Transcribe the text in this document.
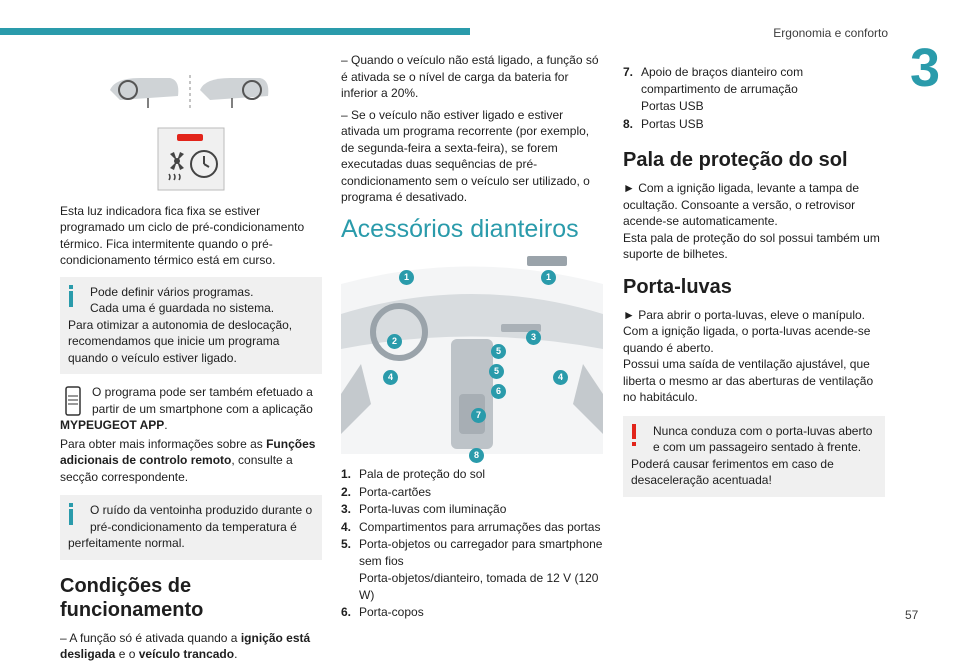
Ergonomia e conforto
3

Esta luz indicadora fica fixa se estiver programado um ciclo de pré-condicionamento térmico. Fica intermitente quando o pré-condicionamento térmico está em curso.

Pode definir vários programas.
Cada uma é guardada no sistema.
Para otimizar a autonomia de deslocação, recomendamos que inicie um programa quando o veículo estiver ligado.
O programa pode ser também efetuado a partir de um smartphone com a aplicação

MYPEUGEOT APP.

Para obter mais informações sobre as Funções adicionais de controlo remoto, consulte a secção correspondente.

O ruído da ventoinha produzido durante o pré-condicionamento da temperatura é
perfeitamente normal.
Condições de funcionamento

– A função só é ativada quando a ignição está desligada e o veículo trancado.

– Quando o veículo não está ligado, a função só é ativada se o nível de carga da bateria for inferior a 20%.

– Se o veículo não estiver ligado e estiver ativada um programa recorrente (por exemplo, de segunda-feira a sexta-feira), se forem executadas duas sequências de pré-condicionamento sem o veículo ser utilizado, o programa é desativado.

Acessórios dianteiros
1	1
2	3
4
5
4
5
6
7
8
1. Pala de proteção do sol
2. Porta-cartões
3. Porta-luvas com iluminação
4. Compartimentos para arrumações das portas
5. Porta-objetos ou carregador para smartphone sem fios
Porta-objetos/dianteiro, tomada de 12 V (120 W)
6. Porta-copos
7. Apoio de braços dianteiro com compartimento de arrumação
Portas USB
8. Portas USB
Pala de proteção do sol

► Com a ignição ligada, levante a tampa de ocultação. Consoante a versão, o retrovisor acende-se automaticamente.

Esta pala de proteção do sol possui também um suporte de bilhetes.

Porta-luvas

► Para abrir o porta-luvas, eleve o manípulo.

Com a ignição ligada, o porta-luvas acende-se quando é aberto.

Possui uma saída de ventilação ajustável, que liberta o mesmo ar das aberturas de ventilação no habitáculo.

Nunca conduza com o porta-luvas aberto e com um passageiro sentado à frente.
Poderá causar ferimentos em caso de desaceleração acentuada!
57
